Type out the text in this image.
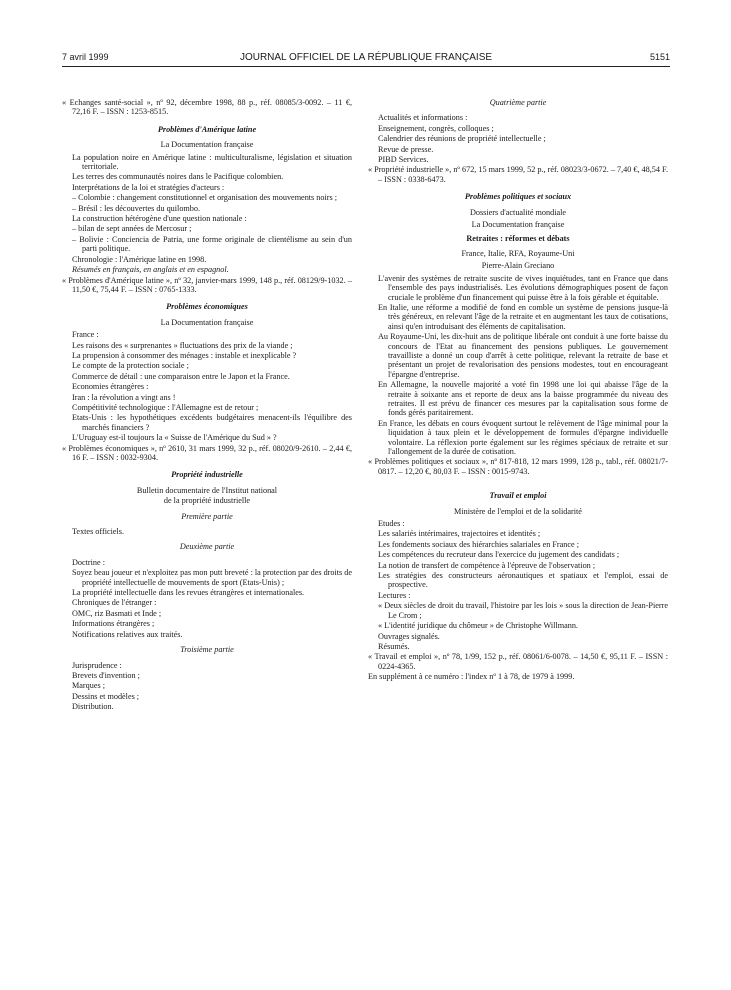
7 avril 1999	JOURNAL OFFICIEL DE LA RÉPUBLIQUE FRANÇAISE	5151

« Echanges santé-social », nº 92, décembre 1998, 88 p., réf. 08085/3-0092. – 11 €, 72,16 F. – ISSN : 1253-8515.

Problèmes d'Amérique latine

La Documentation française

La population noire en Amérique latine : multiculturalisme, législation et situation territoriale.

Les terres des communautés noires dans le Pacifique colombien.

Interprétations de la loi et stratégies d'acteurs :

– Colombie : changement constitutionnel et organisation des mouvements noirs ;

– Brésil : les découvertes du quilombo.

La construction hétérogène d'une question nationale :

– bilan de sept années de Mercosur ;

– Bolivie : Conciencia de Patria, une forme originale de clientélisme au sein d'un parti politique.

Chronologie : l'Amérique latine en 1998.

Résumés en français, en anglais et en espagnol.

« Problèmes d'Amérique latine », nº 32, janvier-mars 1999, 148 p., réf. 08129/9-1032. – 11,50 €, 75,44 F. – ISSN : 0765-1333.

Problèmes économiques

La Documentation française

France :

Les raisons des « surprenantes » fluctuations des prix de la viande ;

La propension à consommer des ménages : instable et inexplicable ?

Le compte de la protection sociale ;

Commerce de détail : une comparaison entre le Japon et la France.

Economies étrangères :

Iran : la révolution a vingt ans !

Compétitivité technologique : l'Allemagne est de retour ;

Etats-Unis : les hypothétiques excédents budgétaires menacent-ils l'équilibre des marchés financiers ?

L'Uruguay est-il toujours la « Suisse de l'Amérique du Sud » ?

« Problèmes économiques », nº 2610, 31 mars 1999, 32 p., réf. 08020/9-2610. – 2,44 €, 16 F. – ISSN : 0032-9304.

Propriété industrielle

Bulletin documentaire de l'Institut national

de la propriété industrielle

Première partie

Textes officiels.

Deuxième partie

Doctrine :

Soyez beau joueur et n'exploitez pas mon putt breveté : la protection par des droits de propriété intellectuelle de mouvements de sport (Etats-Unis) ;

La propriété intellectuelle dans les revues étrangères et internationales.

Chroniques de l'étranger :

OMC, riz Basmati et Inde ;

Informations étrangères ;

Notifications relatives aux traités.

Troisième partie

Jurisprudence :

Brevets d'invention ;

Marques ;

Dessins et modèles ;

Distribution.

Quatrième partie

Actualités et informations :

Enseignement, congrès, colloques ;

Calendrier des réunions de propriété intellectuelle ;

Revue de presse.

PIBD Services.

« Propriété industrielle », nº 672, 15 mars 1999, 52 p., réf. 08023/3-0672. – 7,40 €, 48,54 F. – ISSN : 0338-6473.

Problèmes politiques et sociaux

Dossiers d'actualité mondiale

La Documentation française

Retraites : réformes et débats

France, Italie, RFA, Royaume-Uni

Pierre-Alain Greciano

L'avenir des systèmes de retraite suscite de vives inquiétudes, tant en France que dans l'ensemble des pays industrialisés. Les évolutions démographiques posent de façon cruciale le problème d'un financement qui puisse être à la fois gérable et équitable.

En Italie, une réforme a modifié de fond en comble un système de pensions jusque-là très généreux, en relevant l'âge de la retraite et en augmentant les taux de cotisations, ainsi qu'en introduisant des éléments de capitalisation.

Au Royaume-Uni, les dix-huit ans de politique libérale ont conduit à une forte baisse du concours de l'Etat au financement des pensions publiques. Le gouvernement travailliste a donné un coup d'arrêt à cette politique, relevant la retraite de base et présentant un projet de revalorisation des pensions modestes, tout en encourageant l'épargne d'entreprise.

En Allemagne, la nouvelle majorité a voté fin 1998 une loi qui abaisse l'âge de la retraite à soixante ans et reporte de deux ans la baisse programmée du niveau des retraites. Il est prévu de financer ces mesures par la capitalisation sous forme de fonds gérés paritairement.

En France, les débats en cours évoquent surtout le relèvement de l'âge minimal pour la liquidation à taux plein et le développement de formules d'épargne individuelle volontaire. La réflexion porte également sur les régimes spéciaux de retraite et sur l'allongement de la durée de cotisation.

« Problèmes politiques et sociaux », nº 817-818, 12 mars 1999, 128 p., tabl., réf. 08021/7-0817. – 12,20 €, 80,03 F. – ISSN : 0015-9743.

Travail et emploi

Ministère de l'emploi et de la solidarité

Etudes :

Les salariés intérimaires, trajectoires et identités ;

Les fondements sociaux des hiérarchies salariales en France ;

Les compétences du recruteur dans l'exercice du jugement des candidats ;

La notion de transfert de compétence à l'épreuve de l'observation ;

Les stratégies des constructeurs aéronautiques et spatiaux et l'emploi, essai de prospective.

Lectures :

« Deux siècles de droit du travail, l'histoire par les lois » sous la direction de Jean-Pierre Le Crom ;

« L'identité juridique du chômeur » de Christophe Willmann.

Ouvrages signalés.

Résumés.

« Travail et emploi », nº 78, 1/99, 152 p., réf. 08061/6-0078. – 14,50 €, 95,11 F. – ISSN : 0224-4365.

En supplément à ce numéro : l'index nº 1 à 78, de 1979 à 1999.
